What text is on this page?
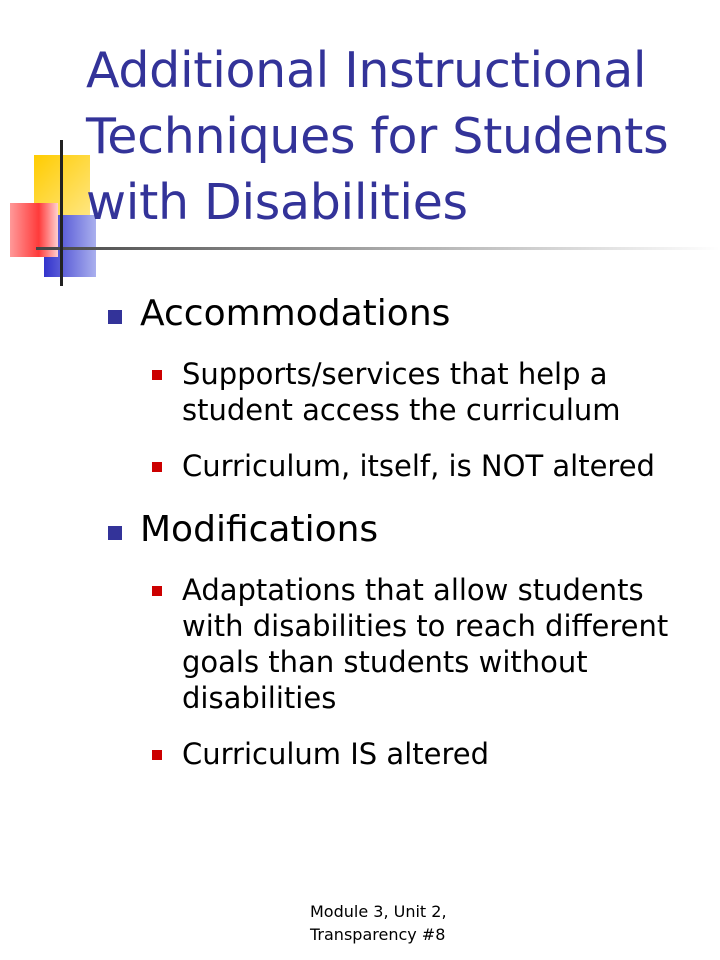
Additional Instructional Techniques for Students with Disabilities
Accommodations
Supports/services that help a student access the curriculum
Curriculum, itself, is NOT altered
Modifications
Adaptations that allow students with disabilities to reach different goals than students without disabilities
Curriculum IS altered
Module 3, Unit 2,
Transparency #8
